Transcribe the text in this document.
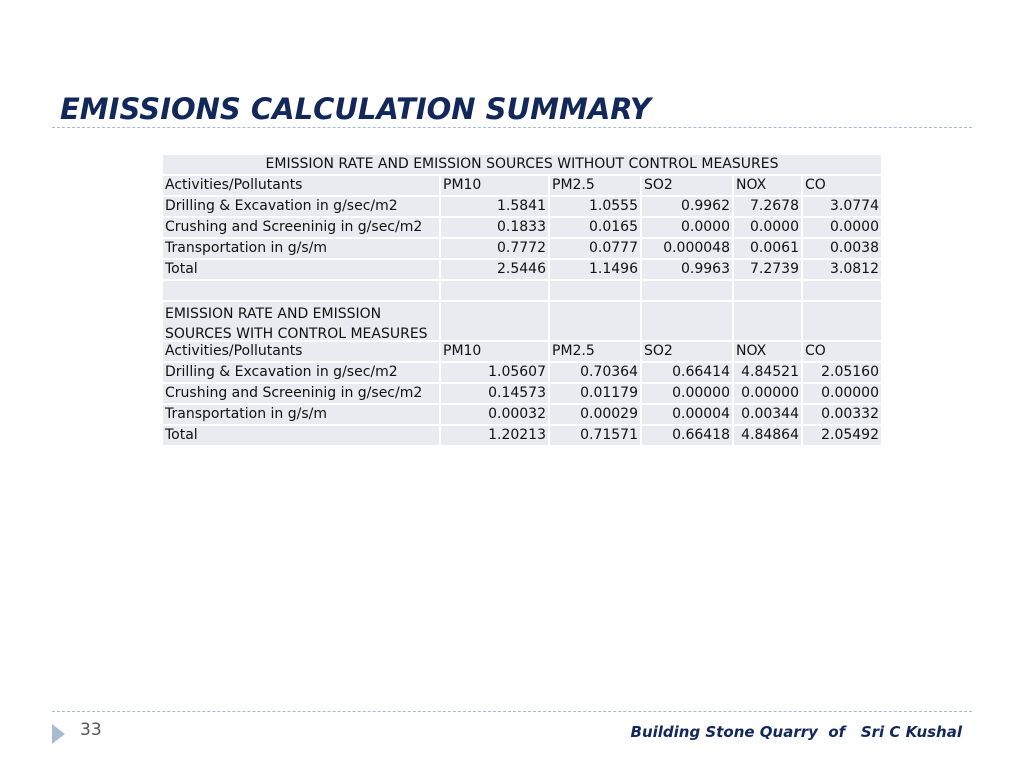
EMISSIONS CALCULATION SUMMARY
EMISSION RATE AND EMISSION SOURCES WITHOUT CONTROL MEASURES					
Activities/Pollutants	PM10	PM2.5	SO2	NOX	CO
Drilling & Excavation in g/sec/m2	1.5841	1.0555	0.9962	7.2678	3.0774
Crushing and Screeninig in g/sec/m2	0.1833	0.0165	0.0000	0.0000	0.0000
Transportation in g/s/m	0.7772	0.0777	0.000048	0.0061	0.0038
Total	2.5446	1.1496	0.9963	7.2739	3.0812

EMISSION RATE AND EMISSION SOURCES WITH CONTROL MEASURES					

Activities/Pollutants	PM10	PM2.5	SO2	NOX	CO
Drilling & Excavation in g/sec/m2	1.05607	0.70364	0.66414	4.84521	2.05160
Crushing and Screeninig in g/sec/m2	0.14573	0.01179	0.00000	0.00000	0.00000
Transportation in g/s/m	0.00032	0.00029	0.00004	0.00344	0.00332
Total	1.20213	0.71571	0.66418	4.84864	2.05492
33	Building Stone Quarry  of   Sri C Kushal
